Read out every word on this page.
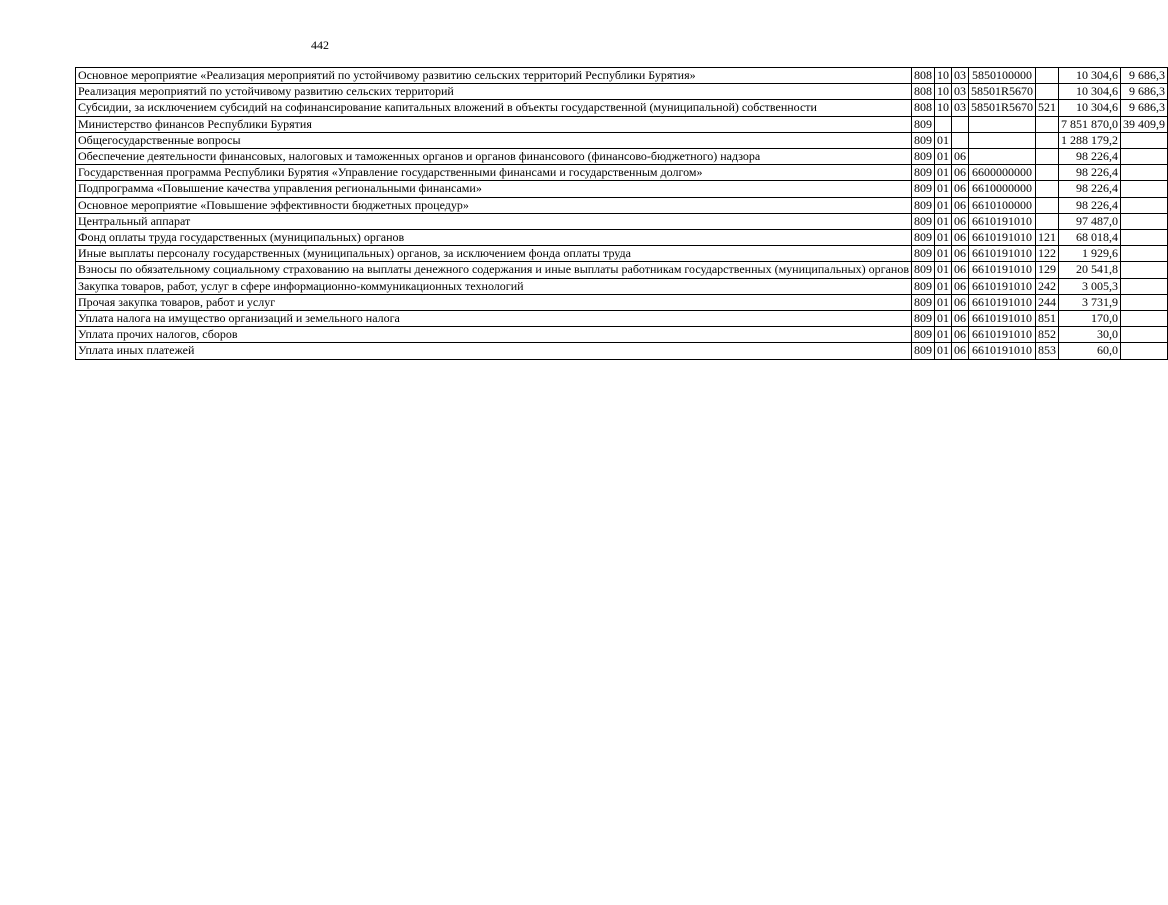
442
Основное мероприятие «Реализация мероприятий по устойчивому развитию сельских территорий Республики Бурятия»	808	10	03	5850100000		10 304,6	9 686,3
Реализация мероприятий по устойчивому развитию сельских территорий	808	10	03	58501R5670		10 304,6	9 686,3
Субсидии, за исключением субсидий на софинансирование капитальных вложений в объекты государственной (муниципальной) собственности	808	10	03	58501R5670	521	10 304,6	9 686,3
Министерство финансов Республики Бурятия	809					7 851 870,0	39 409,9
Общегосударственные вопросы	809	01				1 288 179,2	
Обеспечение деятельности финансовых, налоговых и таможенных органов и органов финансового (финансово-бюджетного) надзора	809	01	06			98 226,4	
Государственная программа Республики Бурятия «Управление государственными финансами и государственным долгом»	809	01	06	6600000000		98 226,4	
Подпрограмма «Повышение качества управления региональными финансами»	809	01	06	6610000000		98 226,4	
Основное мероприятие «Повышение эффективности бюджетных процедур»	809	01	06	6610100000		98 226,4	
Центральный аппарат	809	01	06	6610191010		97 487,0	
Фонд оплаты труда государственных (муниципальных) органов	809	01	06	6610191010	121	68 018,4	
Иные выплаты персоналу государственных (муниципальных) органов, за исключением фонда оплаты труда	809	01	06	6610191010	122	1 929,6	
Взносы по обязательному социальному страхованию на выплаты денежного содержания и иные выплаты работникам государственных (муниципальных) органов	809	01	06	6610191010	129	20 541,8	
Закупка товаров, работ, услуг в сфере информационно-коммуникационных технологий	809	01	06	6610191010	242	3 005,3	
Прочая закупка товаров, работ и услуг	809	01	06	6610191010	244	3 731,9	
Уплата налога на имущество организаций и земельного налога	809	01	06	6610191010	851	170,0	
Уплата прочих налогов, сборов	809	01	06	6610191010	852	30,0	
Уплата иных платежей	809	01	06	6610191010	853	60,0	
